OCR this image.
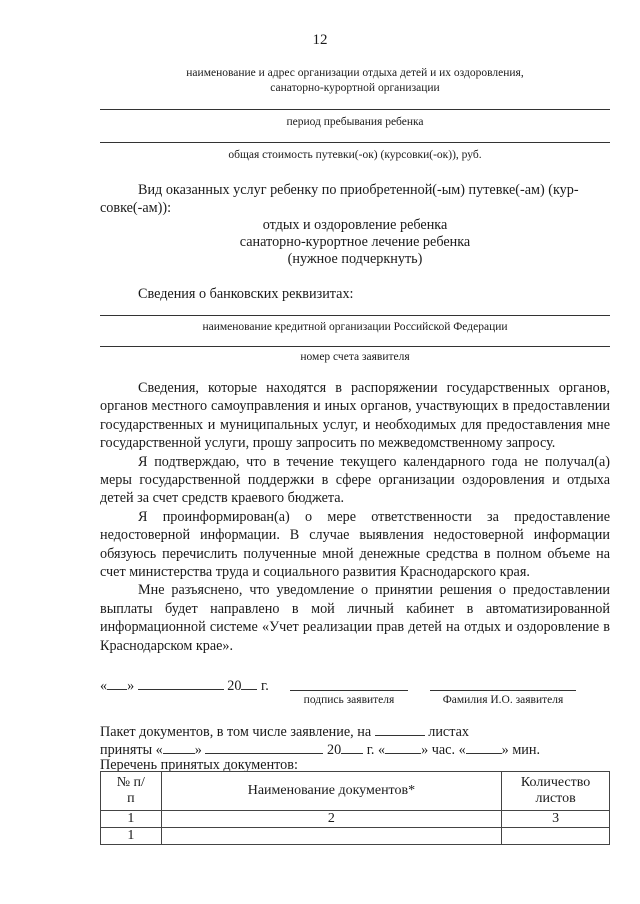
12
наименование и адрес организации отдыха детей и их оздоровления,
санаторно-курортной организации
период пребывания ребенка
общая стоимость путевки(-ок) (курсовки(-ок)), руб.
Вид оказанных услуг ребенку по приобретенной(-ым) путевке(-ам) (кур-
совке(-ам)):
отдых и оздоровление ребенка
санаторно-курортное лечение ребенка
(нужное подчеркнуть)
Сведения о банковских реквизитах:
наименование кредитной организации Российской Федерации
номер счета заявителя

Сведения, которые находятся в распоряжении государственных органов, органов местного самоуправления и иных органов, участвующих в предоставлении государственных и муниципальных услуг, и необходимых для предоставления мне государственной услуги, прошу запросить по межведомственному запросу.

Я подтверждаю, что в течение текущего календарного года не получал(а) меры государственной поддержки в сфере организации оздоровления и отдыха детей за счет средств краевого бюджета.

Я проинформирован(а) о мере ответственности за предоставление недостоверной информации. В случае выявления недостоверной информации обязуюсь перечислить полученные мной денежные средства в полном объеме на счет министерства труда и социального развития Краснодарского края.

Мне разъяснено, что уведомление о принятии решения о предоставлении выплаты будет направлено в мой личный кабинет в автоматизированной информационной системе «Учет реализации прав детей на отдых и оздоровление в Краснодарском крае».

« »	20 г.
подпись заявителя	Фамилия И.О. заявителя
Пакет документов, в том числе заявление, на	листах
приняты « »	20 г. «	» час. «	» мин.
Перечень принятых документов:
№ п/п	Наименование документов*	Количество листов

1	2	3
1		
